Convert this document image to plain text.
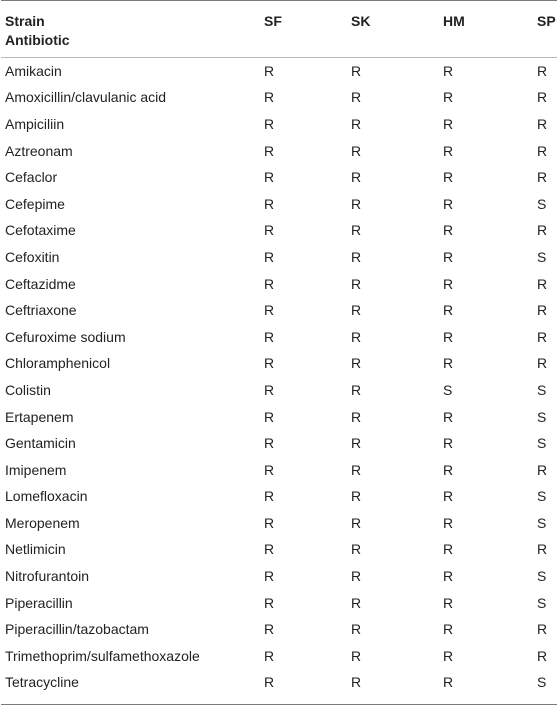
Strain
Antibiotic	SF	SK	HM	SP
Amikacin	R	R	R	R
Amoxicillin/clavulanic acid	R	R	R	R
Ampiciliin	R	R	R	R
Aztreonam	R	R	R	R
Cefaclor	R	R	R	R
Cefepime	R	R	R	S
Cefotaxime	R	R	R	R
Cefoxitin	R	R	R	S
Ceftazidme	R	R	R	R
Ceftriaxone	R	R	R	R
Cefuroxime sodium	R	R	R	R
Chloramphenicol	R	R	R	R
Colistin	R	R	S	S
Ertapenem	R	R	R	S
Gentamicin	R	R	R	S
Imipenem	R	R	R	R
Lomefloxacin	R	R	R	S
Meropenem	R	R	R	S
Netlimicin	R	R	R	R
Nitrofurantoin	R	R	R	S
Piperacillin	R	R	R	S
Piperacillin/tazobactam	R	R	R	R
Trimethoprim/sulfamethoxazole	R	R	R	R
Tetracycline	R	R	R	S
